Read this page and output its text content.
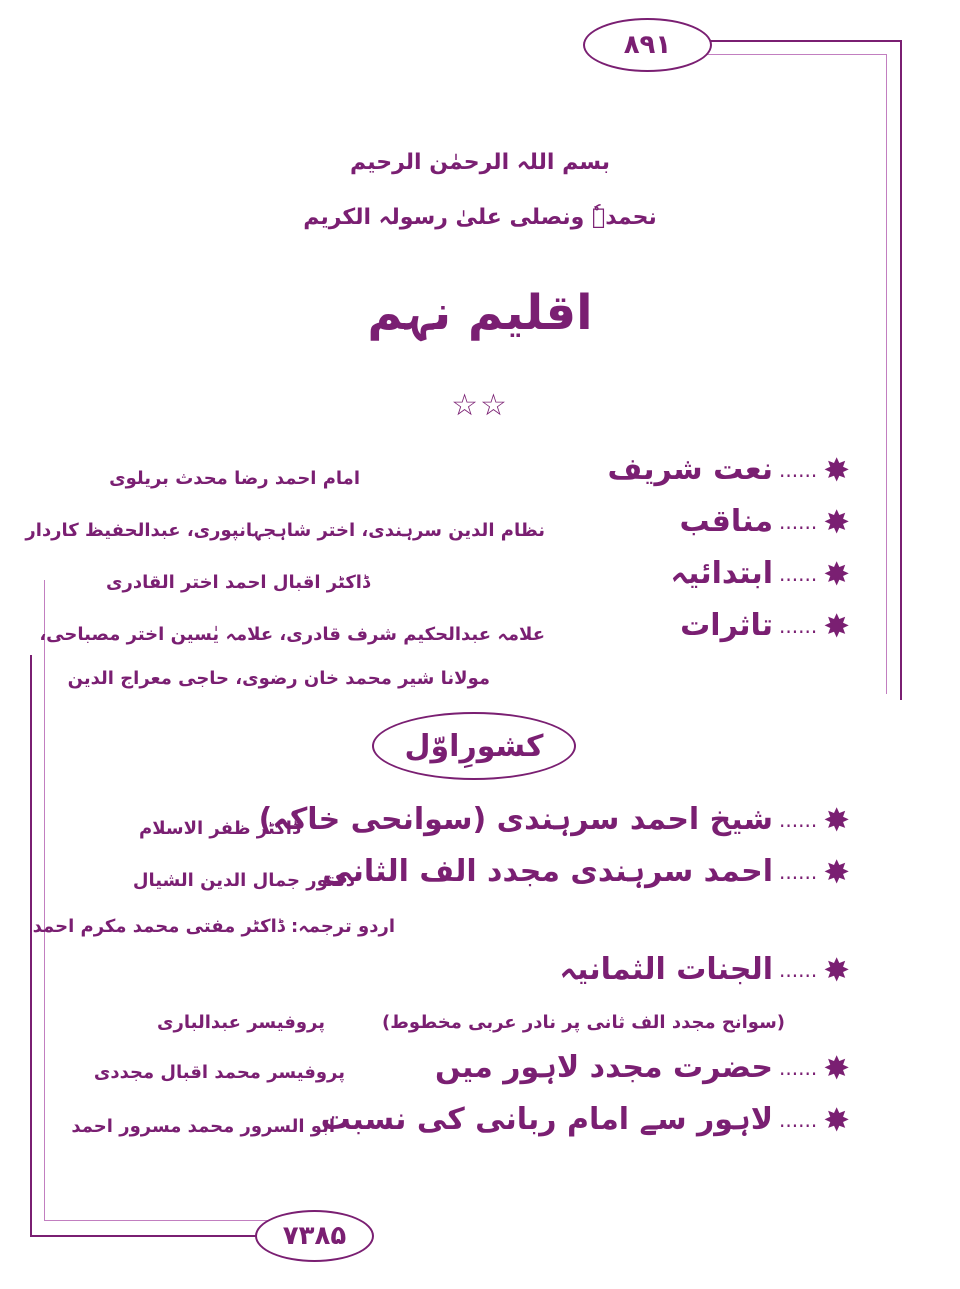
۸۹۱
۷۳۸۵
بسم اللہ الرحمٰن الرحیم
نحمدہٗ ونصلی علیٰ رسولہ الکریم
اقلیم نہم
☆☆
✸
......
نعت شریف
امام احمد رضا محدث بریلوی
✸
......
مناقب
نظام الدین سرہندی، اختر شاہجہانپوری، عبدالحفیظ کاردار
✸
......
ابتدائیہ
ڈاکٹر اقبال احمد اختر القادری
✸
......
تاثرات
علامہ عبدالحکیم شرف قادری، علامہ یٰسین اختر مصباحی،
مولانا شیر محمد خان رضوی، حاجی معراج الدین
کشورِاوّل
✸
......
شیخ احمد سرہندی (سوانحی خاکہ)
ڈاکٹر ظفر الاسلام
✸
......
احمد سرہندی مجدد الف الثانی
دکتور جمال الدین الشیال
اردو ترجمہ: ڈاکٹر مفتی محمد مکرم احمد
✸
......
الجنات الثمانیہ
(سوانح مجدد الف ثانی پر نادر عربی مخطوط)
پروفیسر عبدالباری
✸
......
حضرت مجدد لاہور میں
پروفیسر محمد اقبال مجددی
✸
......
لاہور سے امام ربانی کی نسبت
ابو السرور محمد مسرور احمد
